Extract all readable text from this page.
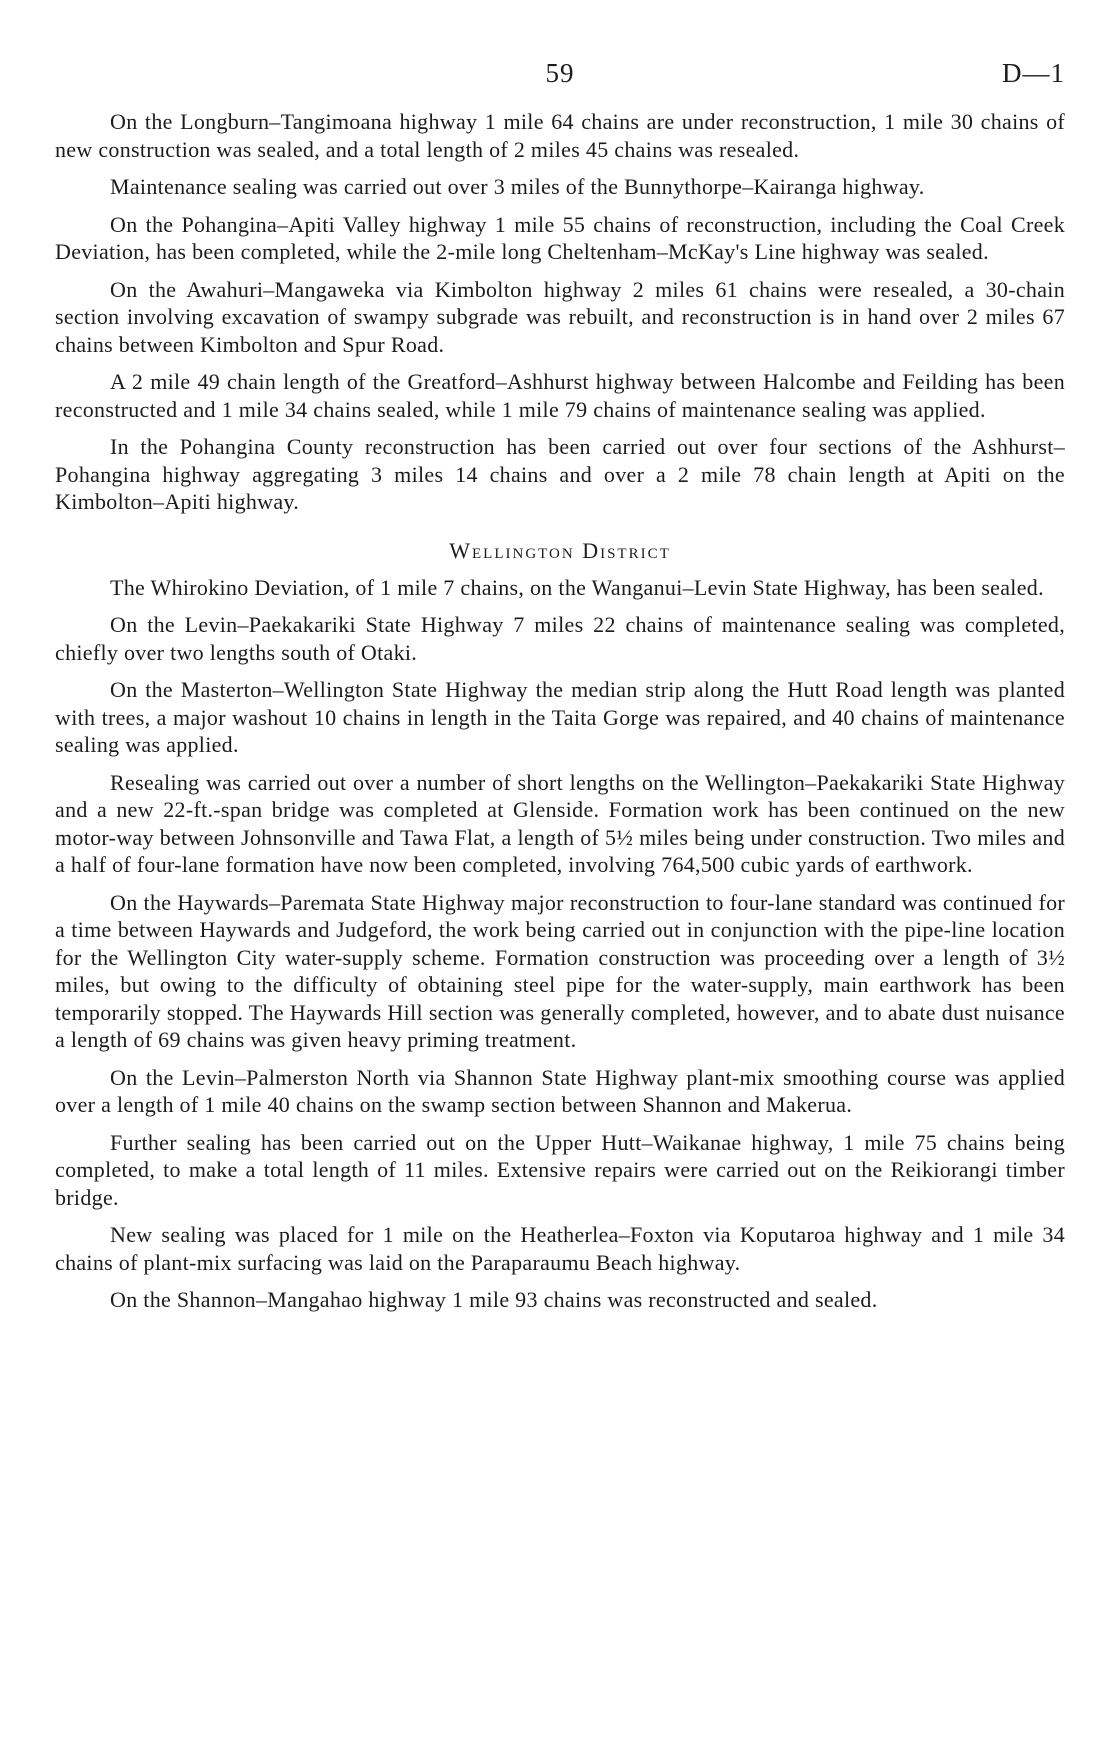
59	D—1

On the Longburn–Tangimoana highway 1 mile 64 chains are under reconstruction, 1 mile 30 chains of new construction was sealed, and a total length of 2 miles 45 chains was resealed.

Maintenance sealing was carried out over 3 miles of the Bunnythorpe–Kairanga highway.

On the Pohangina–Apiti Valley highway 1 mile 55 chains of reconstruction, including the Coal Creek Deviation, has been completed, while the 2-mile long Cheltenham–McKay's Line highway was sealed.

On the Awahuri–Mangaweka via Kimbolton highway 2 miles 61 chains were resealed, a 30-chain section involving excavation of swampy subgrade was rebuilt, and reconstruction is in hand over 2 miles 67 chains between Kimbolton and Spur Road.

A 2 mile 49 chain length of the Greatford–Ashhurst highway between Halcombe and Feilding has been reconstructed and 1 mile 34 chains sealed, while 1 mile 79 chains of maintenance sealing was applied.

In the Pohangina County reconstruction has been carried out over four sections of the Ashhurst–Pohangina highway aggregating 3 miles 14 chains and over a 2 mile 78 chain length at Apiti on the Kimbolton–Apiti highway.

Wellington District

The Whirokino Deviation, of 1 mile 7 chains, on the Wanganui–Levin State Highway, has been sealed.

On the Levin–Paekakariki State Highway 7 miles 22 chains of maintenance sealing was completed, chiefly over two lengths south of Otaki.

On the Masterton–Wellington State Highway the median strip along the Hutt Road length was planted with trees, a major washout 10 chains in length in the Taita Gorge was repaired, and 40 chains of maintenance sealing was applied.

Resealing was carried out over a number of short lengths on the Wellington–Paekakariki State Highway and a new 22-ft.-span bridge was completed at Glenside. Formation work has been continued on the new motor-way between Johnsonville and Tawa Flat, a length of 5½ miles being under construction. Two miles and a half of four-lane formation have now been completed, involving 764,500 cubic yards of earthwork.

On the Haywards–Paremata State Highway major reconstruction to four-lane standard was continued for a time between Haywards and Judgeford, the work being carried out in conjunction with the pipe-line location for the Wellington City water-supply scheme. Formation construction was proceeding over a length of 3½ miles, but owing to the difficulty of obtaining steel pipe for the water-supply, main earthwork has been temporarily stopped. The Haywards Hill section was generally completed, however, and to abate dust nuisance a length of 69 chains was given heavy priming treatment.

On the Levin–Palmerston North via Shannon State Highway plant-mix smoothing course was applied over a length of 1 mile 40 chains on the swamp section between Shannon and Makerua.

Further sealing has been carried out on the Upper Hutt–Waikanae highway, 1 mile 75 chains being completed, to make a total length of 11 miles. Extensive repairs were carried out on the Reikiorangi timber bridge.

New sealing was placed for 1 mile on the Heatherlea–Foxton via Koputaroa highway and 1 mile 34 chains of plant-mix surfacing was laid on the Paraparaumu Beach highway.

On the Shannon–Mangahao highway 1 mile 93 chains was reconstructed and sealed.
